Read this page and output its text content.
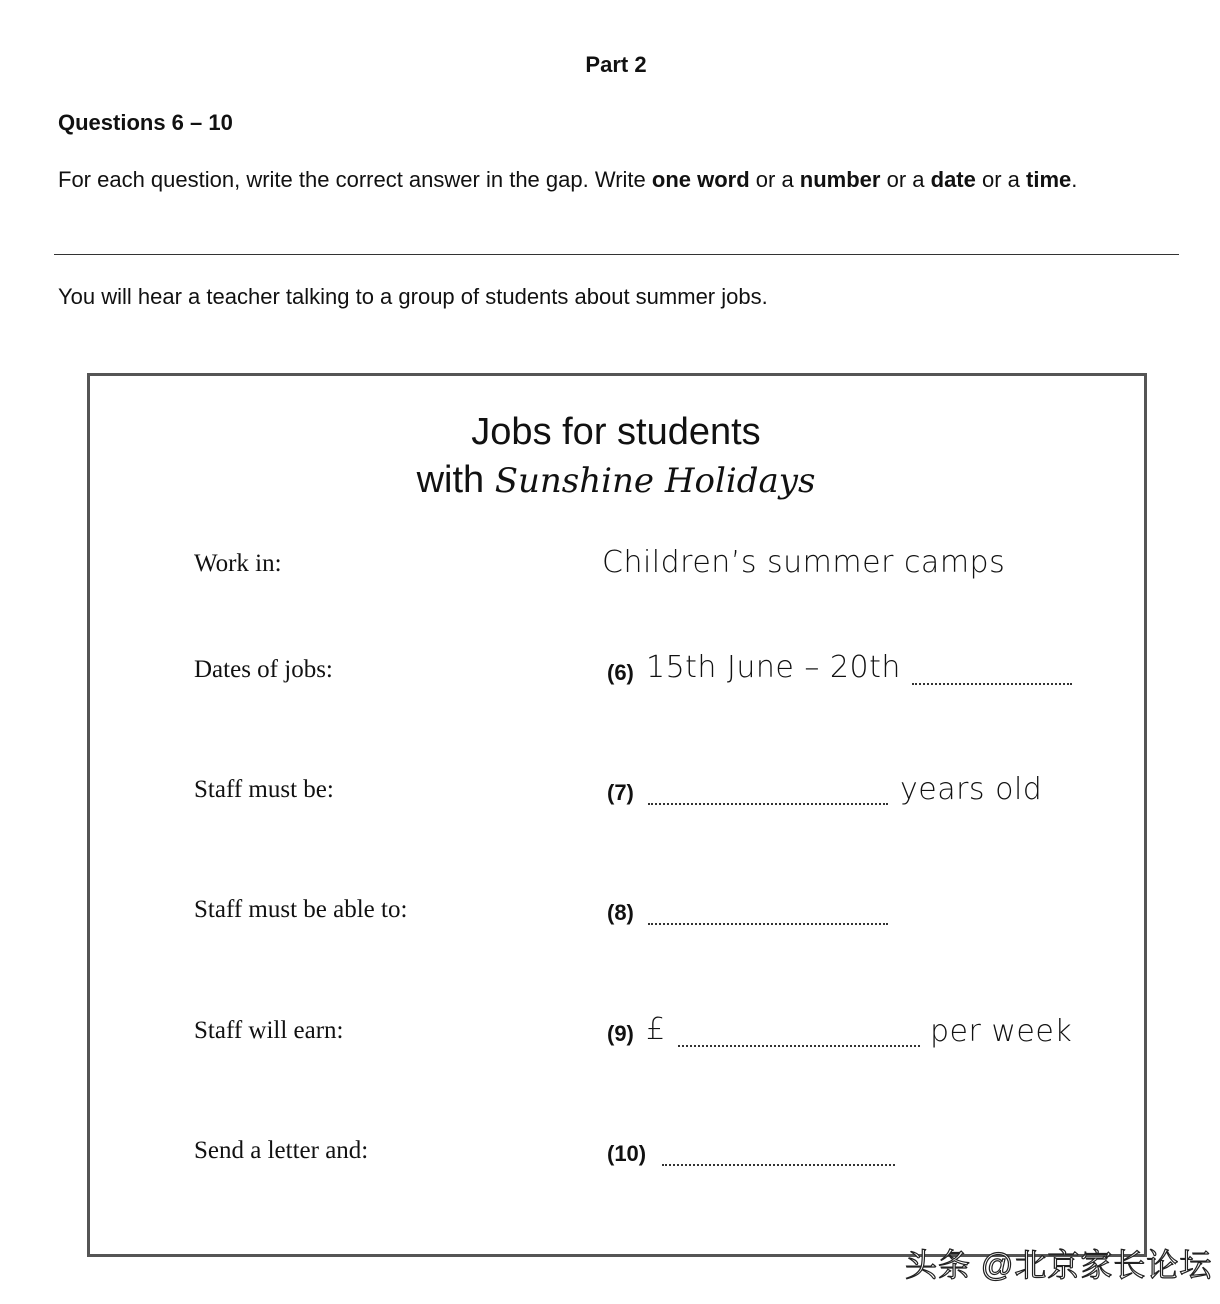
Part 2
Questions 6 – 10
For each question, write the correct answer in the gap. Write one word or a number or a date or a time.
You will hear a teacher talking to a group of students about summer jobs.
Jobs for students
with Sunshine Holidays
Work in:	Children’s summer camps
Dates of jobs:	(6) 15th June – 20th
Staff must be:	(7)	years old
Staff must be able to:	(8)
Staff will earn:	(9) £	per week
Send a letter and:	(10)
头条 @北京家长论坛
